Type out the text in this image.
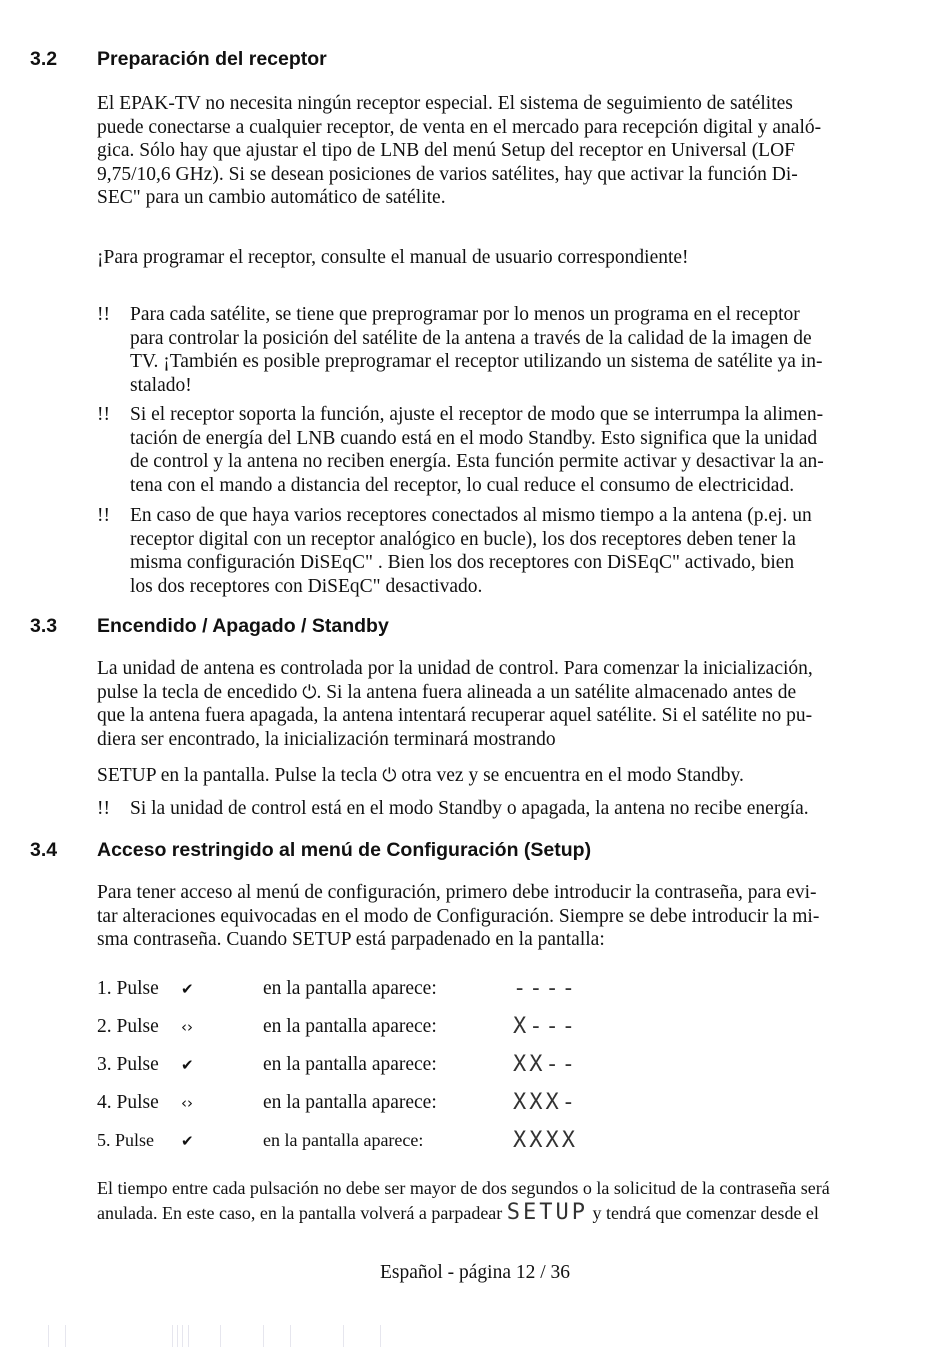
3.2 Preparación del receptor
El EPAK-TV no necesita ningún receptor especial. El sistema de seguimiento de satélites
puede conectarse a cualquier receptor, de venta en el mercado para recepción digital y analó-
gica. Sólo hay que ajustar el tipo de LNB del menú Setup del receptor en Universal (LOF
9,75/10,6 GHz). Si se desean posiciones de varios satélites, hay que activar la función Di-
SEC" para un cambio automático de satélite.
¡Para programar el receptor, consulte el manual de usuario correspondiente!
!!	Para cada satélite, se tiene que preprogramar por lo menos un programa en el receptor
para controlar la posición del satélite de la antena a través de la calidad de la imagen de
TV. ¡También es posible preprogramar el receptor utilizando un sistema de satélite ya in-
stalado!
!!	Si el receptor soporta la función, ajuste el receptor de modo que se interrumpa la alimen-
tación de energía del LNB cuando está en el modo Standby. Esto significa que la unidad
de control y la antena no reciben energía. Esta función permite activar y desactivar la an-
tena con el mando a distancia del receptor, lo cual reduce el consumo de electricidad.
!!	En caso de que haya varios receptores conectados al mismo tiempo a la antena (p.ej. un
receptor digital con un receptor analógico en bucle), los dos receptores deben tener la
misma configuración DiSEqC" . Bien los dos receptores con DiSEqC" activado, bien
los dos receptores con DiSEqC" desactivado.
3.3 Encendido / Apagado / Standby
La unidad de antena es controlada por la unidad de control. Para comenzar la inicialización,
pulse la tecla de encedido ⏻. Si la antena fuera alineada a un satélite almacenado antes de
que la antena fuera apagada, la antena intentará recuperar aquel satélite. Si el satélite no pu-
diera ser encontrado, la inicialización terminará mostrando
SETUP en la pantalla. Pulse la tecla ⏻ otra vez y se encuentra en el modo Standby.
!!	Si la unidad de control está en el modo Standby o apagada, la antena no recibe energía.
3.4 Acceso restringido al menú de Configuración (Setup)
Para tener acceso al menú de configuración, primero debe introducir la contraseña, para evi-
tar alteraciones equivocadas en el modo de Configuración. Siempre se debe introducir la mi-
sma contraseña. Cuando SETUP está parpadenado en la pantalla:
1. Pulse ✔	en la pantalla aparece:	----
2. Pulse ‹›	en la pantalla aparece:	X---
3. Pulse ✔	en la pantalla aparece:	XX--
4. Pulse ‹›	en la pantalla aparece:	XXX-
5. Pulse ✔	en la pantalla aparece:	XXXX
El tiempo entre cada pulsación no debe ser mayor de dos segundos o la solicitud de la contraseña será
anulada. En este caso, en la pantalla volverá a parpadear SETUP y tendrá que comenzar desde el
Español - página 12 / 36
